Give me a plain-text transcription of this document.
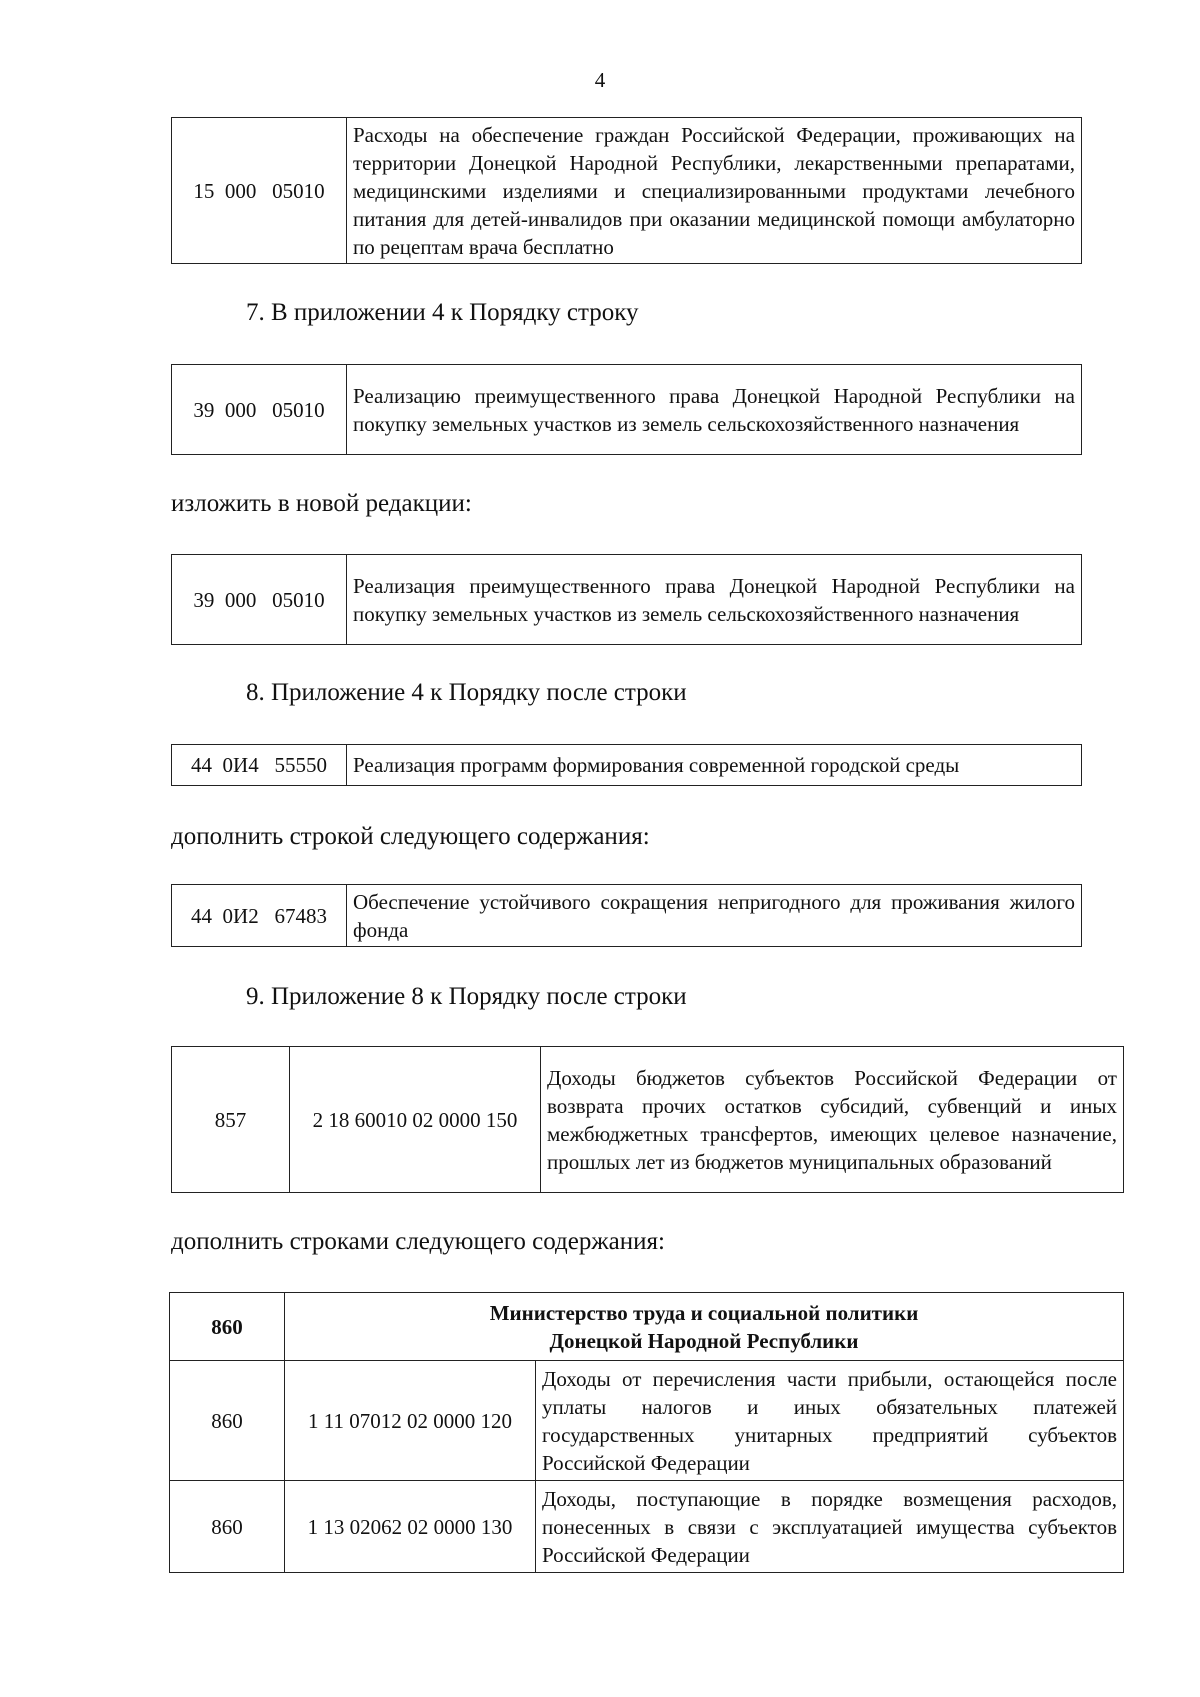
4
15  000   05010	Расходы на обеспечение граждан Российской Федерации, проживающих на территории Донецкой Народной Республики, лекарственными препаратами, медицинскими изделиями и специализированными продуктами лечебного питания для детей-инвалидов при оказании медицинской помощи амбулаторно по рецептам врача бесплатно
7. В приложении 4 к Порядку строку
39  000   05010	Реализацию преимущественного права Донецкой Народной Республики на покупку земельных участков из земель сельскохозяйственного назначения
изложить в новой редакции:
39  000   05010	Реализация преимущественного права Донецкой Народной Республики на покупку земельных участков из земель сельскохозяйственного назначения
8. Приложение 4 к Порядку после строки
44  0И4   55550	Реализация программ формирования современной городской среды
дополнить строкой следующего содержания:
44  0И2   67483	Обеспечение устойчивого сокращения непригодного для проживания жилого фонда
9. Приложение 8 к Порядку после строки
857	2 18 60010 02 0000 150	Доходы бюджетов субъектов Российской Федерации от возврата прочих остатков субсидий, субвенций и иных межбюджетных трансфертов, имеющих целевое назначение, прошлых лет из бюджетов муниципальных образований
дополнить строками следующего содержания:
860	Министерство труда и социальной политики
Донецкой Народной Республики	
860	1 11 07012 02 0000 120	Доходы от перечисления части прибыли, остающейся после уплаты налогов и иных обязательных платежей государственных унитарных предприятий субъектов Российской Федерации
860	1 13 02062 02 0000 130	Доходы, поступающие в порядке возмещения расходов, понесенных в связи с эксплуатацией имущества субъектов Российской Федерации
